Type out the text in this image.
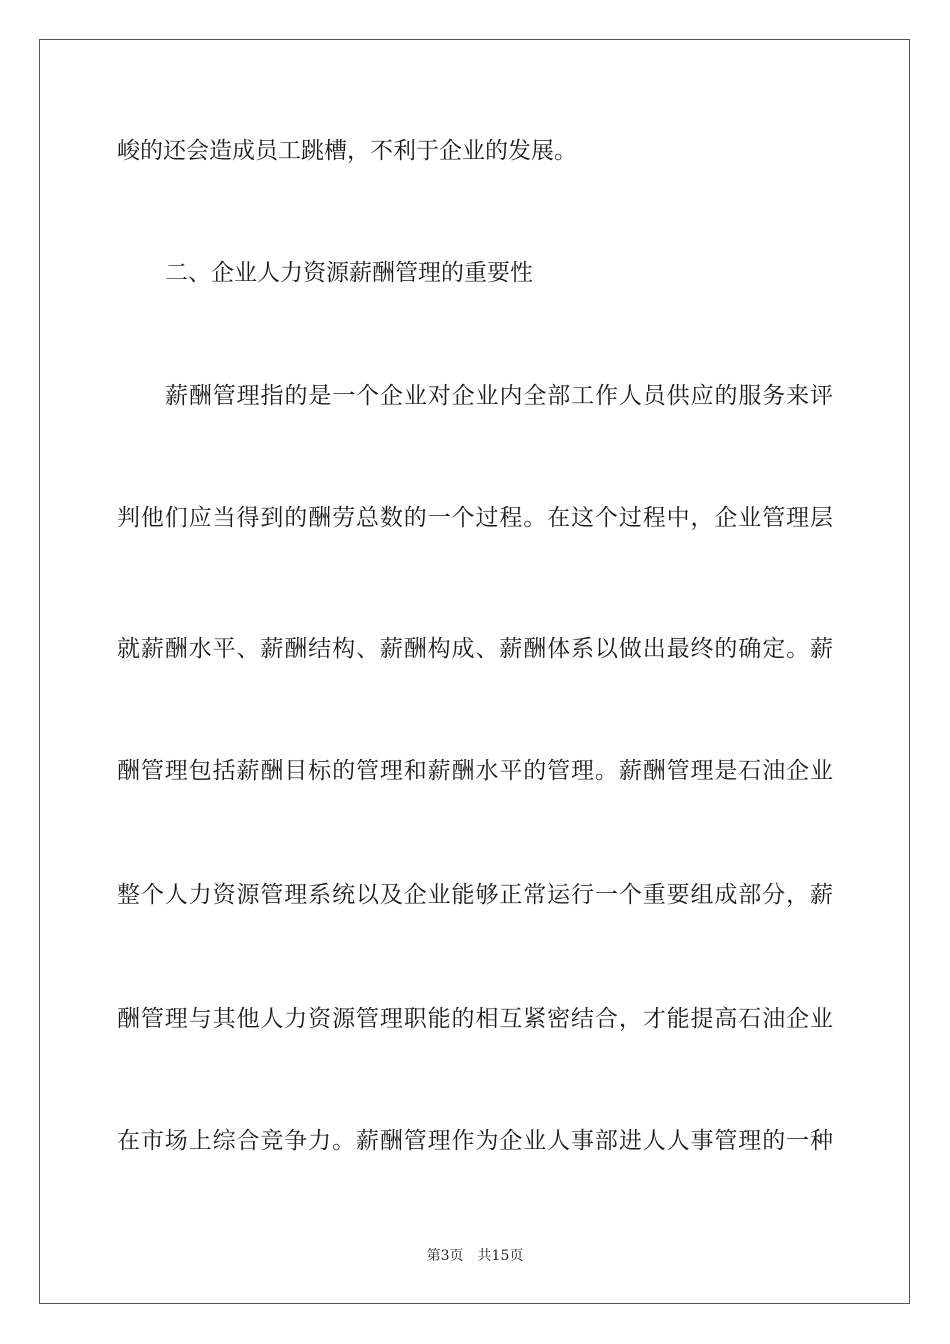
峻的还会造成员工跳槽，不利于企业的发展。
二、企业人力资源薪酬管理的重要性
薪酬管理指的是一个企业对企业内全部工作人员供应的服务来评
判他们应当得到的酬劳总数的一个过程。在这个过程中，企业管理层
就薪酬水平、薪酬结构、薪酬构成、薪酬体系以做出最终的确定。薪
酬管理包括薪酬目标的管理和薪酬水平的管理。薪酬管理是石油企业
整个人力资源管理系统以及企业能够正常运行一个重要组成部分，薪
酬管理与其他人力资源管理职能的相互紧密结合，才能提高石油企业
在市场上综合竞争力。薪酬管理作为企业人事部进人人事管理的一种
第3页 共15页
